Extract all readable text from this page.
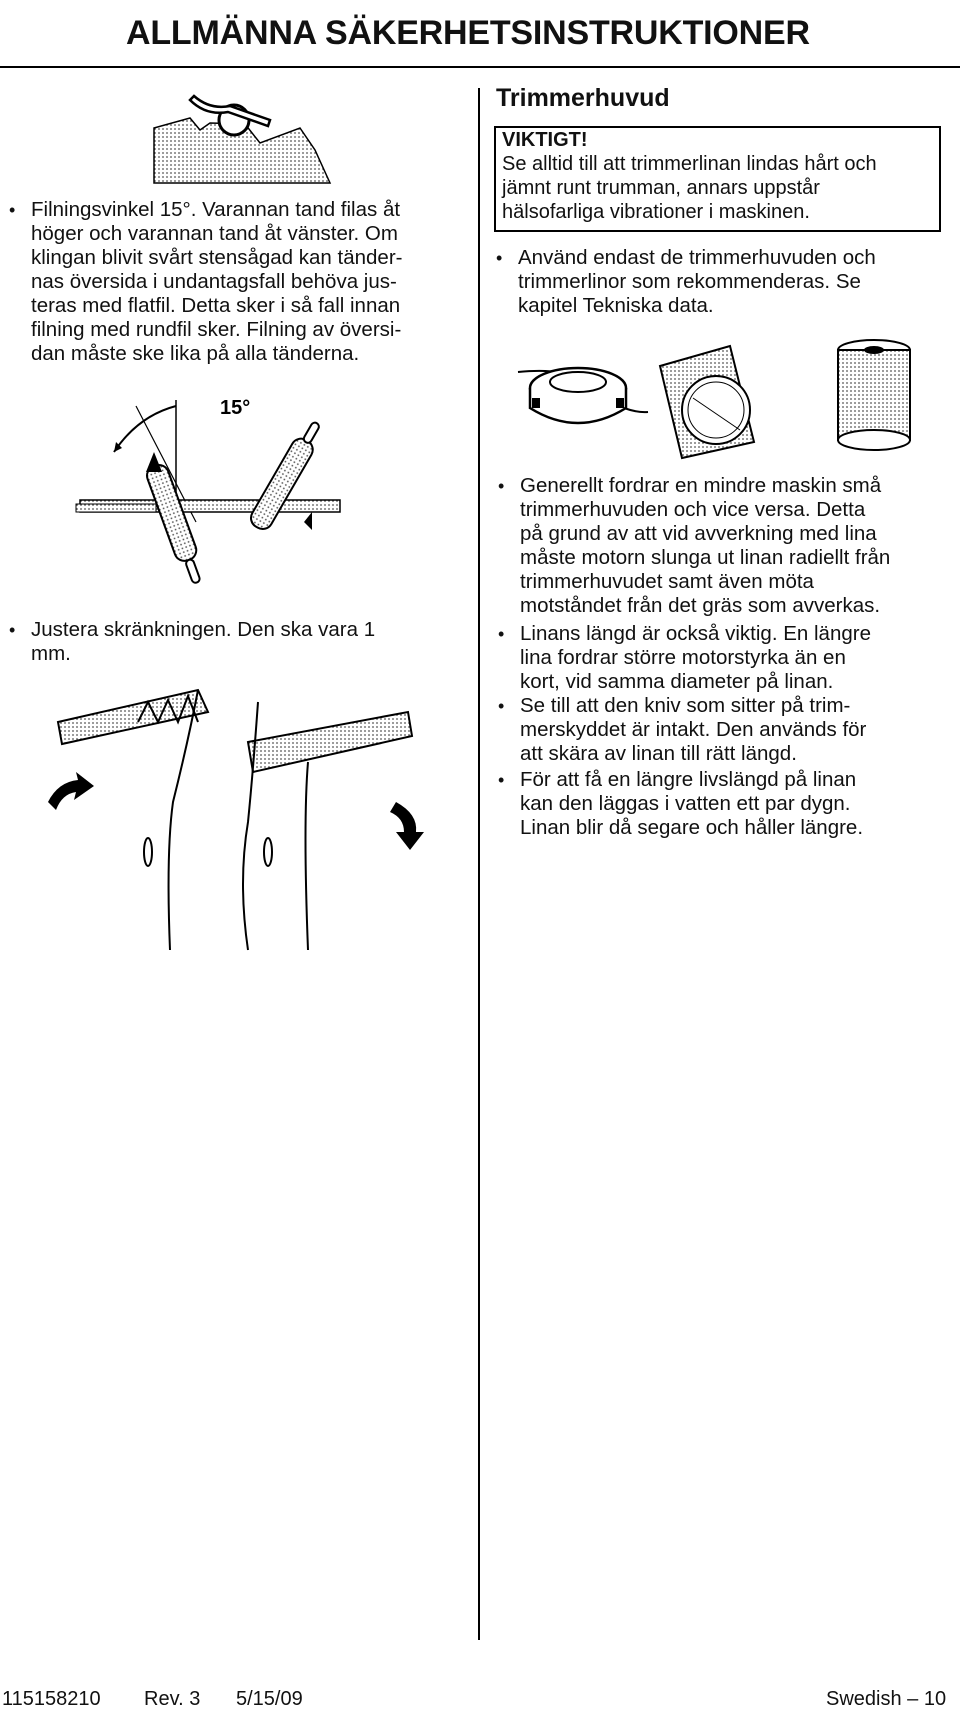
ALLMÄNNA SÄKERHETSINSTRUKTIONER
• Filningsvinkel 15°. Varannan tand filas åt

höger och varannan tand åt vänster. Om

klingan blivit svårt stensågad kan tänder-

nas översida i undantagsfall behöva jus-

teras med flatfil. Detta sker i så fall innan

filning med rundfil sker. Filning av översi-

dan måste ske lika på alla tänderna.

15°
• Justera skränkningen. Den ska vara 1

mm.

Trimmerhuvud
VIKTIGT!
Se alltid till att trimmerlinan lindas hårt och
jämnt runt trumman, annars uppstår
hälsofarliga vibrationer i maskinen.
• Använd endast de trimmerhuvuden och

trimmerlinor som rekommenderas. Se

kapitel Tekniska data.

• Generellt fordrar en mindre maskin små

trimmerhuvuden och vice versa. Detta

på grund av att vid avverkning med lina

måste motorn slunga ut linan radiellt från

trimmerhuvudet samt även möta

motståndet från det gräs som avverkas.

• Linans längd är också viktig. En längre

lina fordrar större motorstyrka än en

kort, vid samma diameter på linan.

• Se till att den kniv som sitter på trim-

merskyddet är intakt. Den används för

att skära av linan till rätt längd.

• För att få en längre livslängd på linan

kan den läggas i vatten ett par dygn.

Linan blir då segare och håller längre.

115158210 Rev. 3 5/15/09	Swedish – 10
